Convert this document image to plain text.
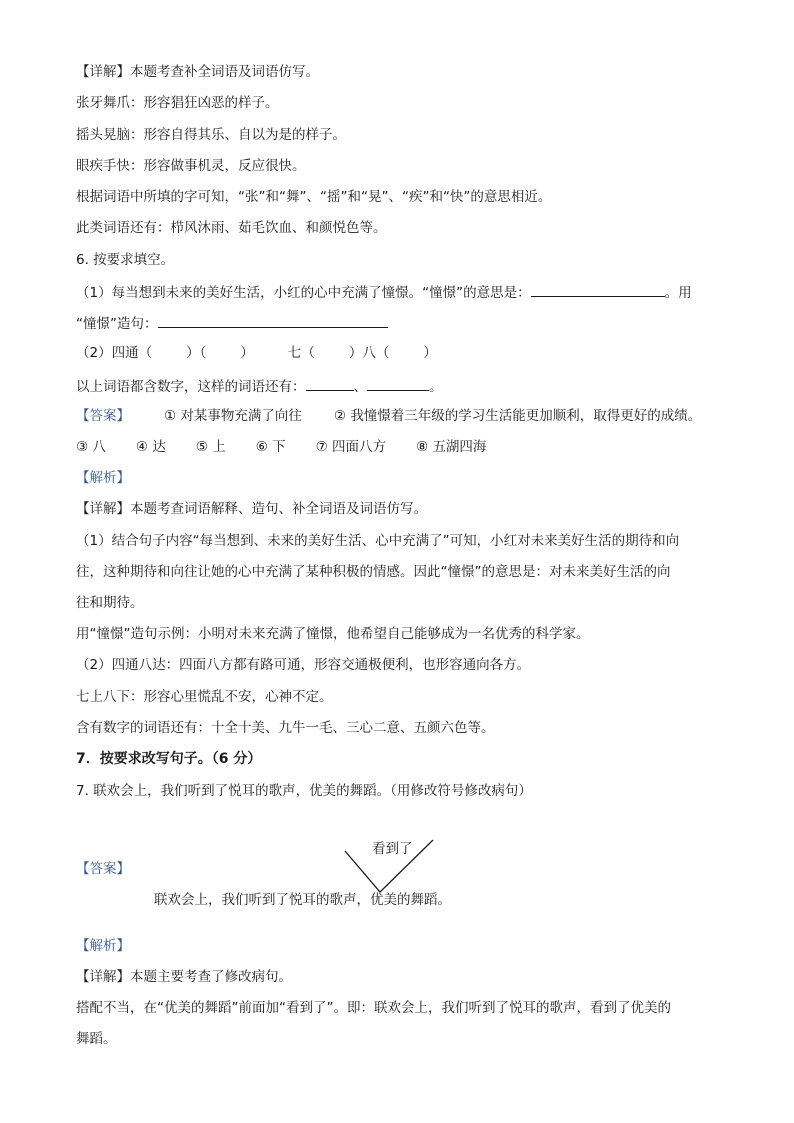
【详解】本题考查补全词语及词语仿写。
张牙舞爪：形容猖狂凶恶的样子。
摇头晃脑：形容自得其乐、自以为是的样子。
眼疾手快：形容做事机灵，反应很快。
根据词语中所填的字可知，“张”和“舞”、“摇”和“晃”、“疾”和“快”的意思相近。
此类词语还有：栉风沐雨、茹毛饮血、和颜悦色等。
6. 按要求填空。
（1）每当想到未来的美好生活，小红的心中充满了憧憬。“憧憬”的意思是：	。用
“憧憬”造句：
（2）四通（	）（	）	七（	）八（	）
以上词语都含数字，这样的词语还有：	、	。
【答案】	① 对某事物充满了向往 ② 我憧憬着三年级的学习生活能更加顺利，取得更好的成绩。
③ 八 ④ 达 ⑤ 上 ⑥ 下 ⑦ 四面八方 ⑧ 五湖四海
【解析】
【详解】本题考查词语解释、造句、补全词语及词语仿写。
（1）结合句子内容“每当想到、未来的美好生活、心中充满了”可知，小红对未来美好生活的期待和向
往，这种期待和向往让她的心中充满了某种积极的情感。因此“憧憬”的意思是：对未来美好生活的向
往和期待。
用“憧憬”造句示例：小明对未来充满了憧憬，他希望自己能够成为一名优秀的科学家。
（2）四通八达：四面八方都有路可通，形容交通极便利，也形容通向各方。
七上八下：形容心里慌乱不安，心神不定。
含有数字的词语还有：十全十美、九牛一毛、三心二意、五颜六色等。
7．按要求改写句子。（6 分）
7. 联欢会上，我们听到了悦耳的歌声，优美的舞蹈。（用修改符号修改病句）
【答案】
看到了
联欢会上，我们听到了悦耳的歌声，优美的舞蹈。
【解析】
【详解】本题主要考查了修改病句。
搭配不当，在“优美的舞蹈”前面加“看到了”。即：联欢会上，我们听到了悦耳的歌声，看到了优美的
舞蹈。
